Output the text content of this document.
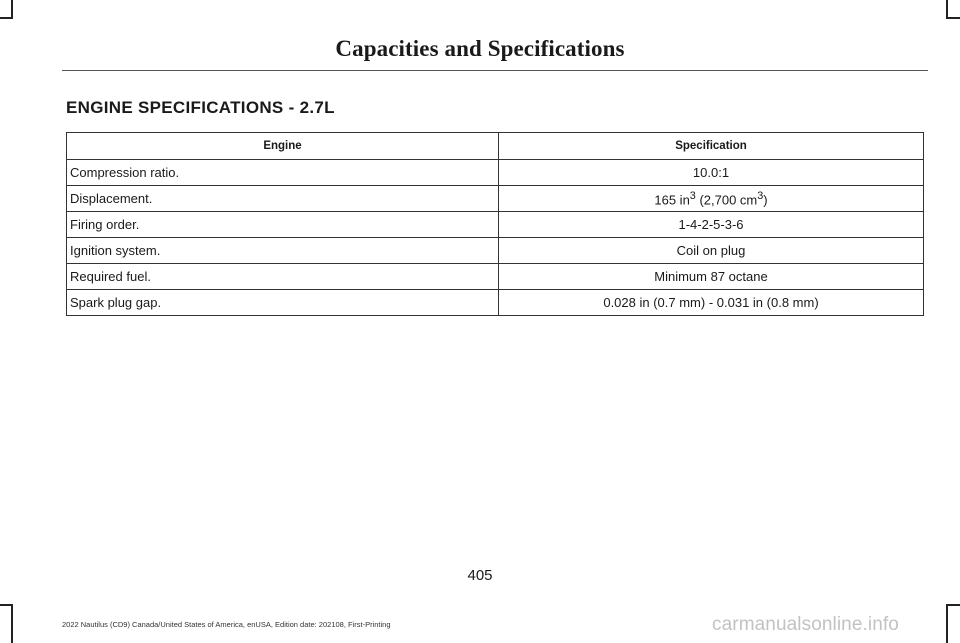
Capacities and Specifications
ENGINE SPECIFICATIONS - 2.7L
Engine	Specification
Compression ratio.	10.0:1
Displacement.	165 $in^3$ (2,700 $cm^3$)
Firing order.	1-4-2-5-3-6
Ignition system.	Coil on plug
Required fuel.	Minimum 87 octane
Spark plug gap.	0.028 in (0.7 mm) - 0.031 in (0.8 mm)
405
2022 Nautilus (CD9) Canada/United States of America, enUSA, Edition date: 202108, First-Printing	carmanualsonline.info
